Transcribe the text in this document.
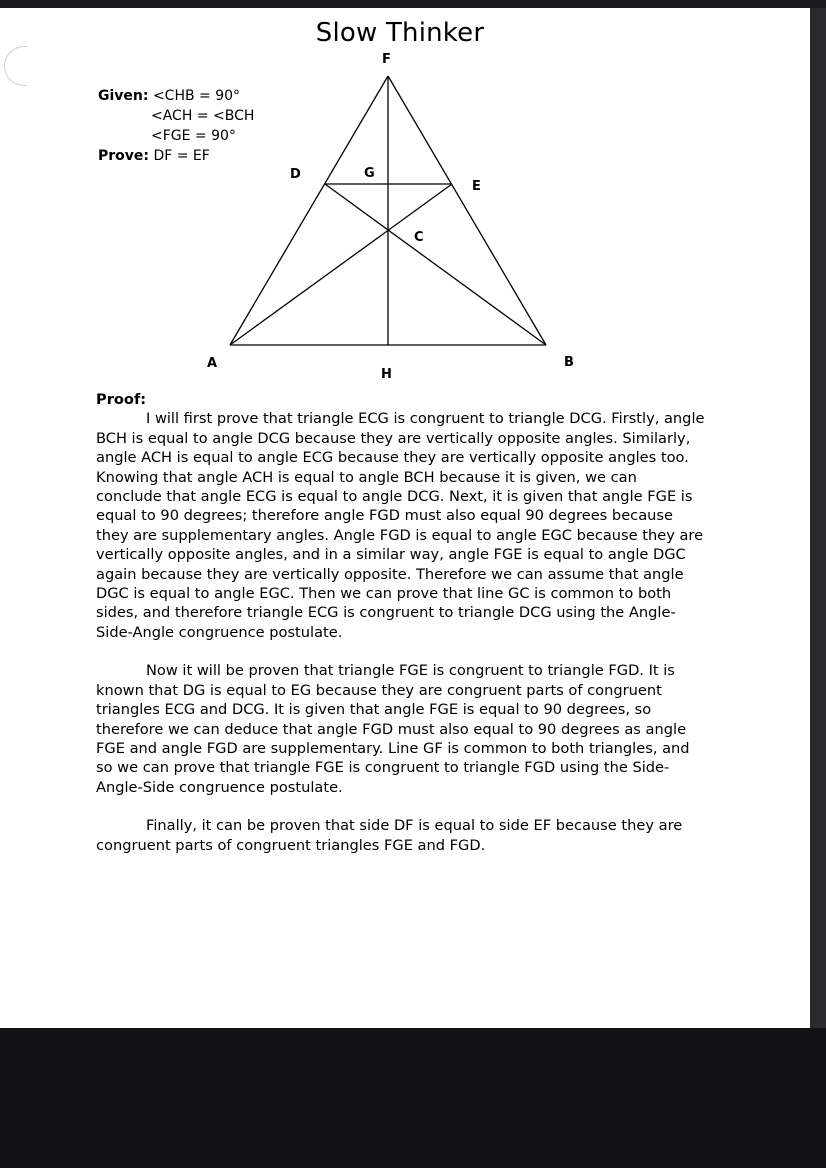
Slow Thinker
Given: <CHB = 90°
<ACH = <BCH
<FGE = 90°
Prove: DF = EF
F
D	G
E
C
A
H
B
Proof:

I will first prove that triangle ECG is congruent to triangle DCG. Firstly, angle BCH is equal to angle DCG because they are vertically opposite angles. Similarly, angle ACH is equal to angle ECG because they are vertically opposite angles too. Knowing that angle ACH is equal to angle BCH because it is given, we can conclude that angle ECG is equal to angle DCG. Next, it is given that angle FGE is equal to 90 degrees; therefore angle FGD must also equal 90 degrees because they are supplementary angles. Angle FGD is equal to angle EGC because they are vertically opposite angles, and in a similar way, angle FGE is equal to angle DGC again because they are vertically opposite. Therefore we can assume that angle DGC is equal to angle EGC. Then we can prove that line GC is common to both sides, and therefore triangle ECG is congruent to triangle DCG using the Angle-Side-Angle congruence postulate.

Now it will be proven that triangle FGE is congruent to triangle FGD. It is known that DG is equal to EG because they are congruent parts of congruent triangles ECG and DCG. It is given that angle FGE is equal to 90 degrees, so therefore we can deduce that angle FGD must also equal to 90 degrees as angle FGE and angle FGD are supplementary. Line GF is common to both triangles, and so we can prove that triangle FGE is congruent to triangle FGD using the Side-Angle-Side congruence postulate.

Finally, it can be proven that side DF is equal to side EF because they are congruent parts of congruent triangles FGE and FGD.
